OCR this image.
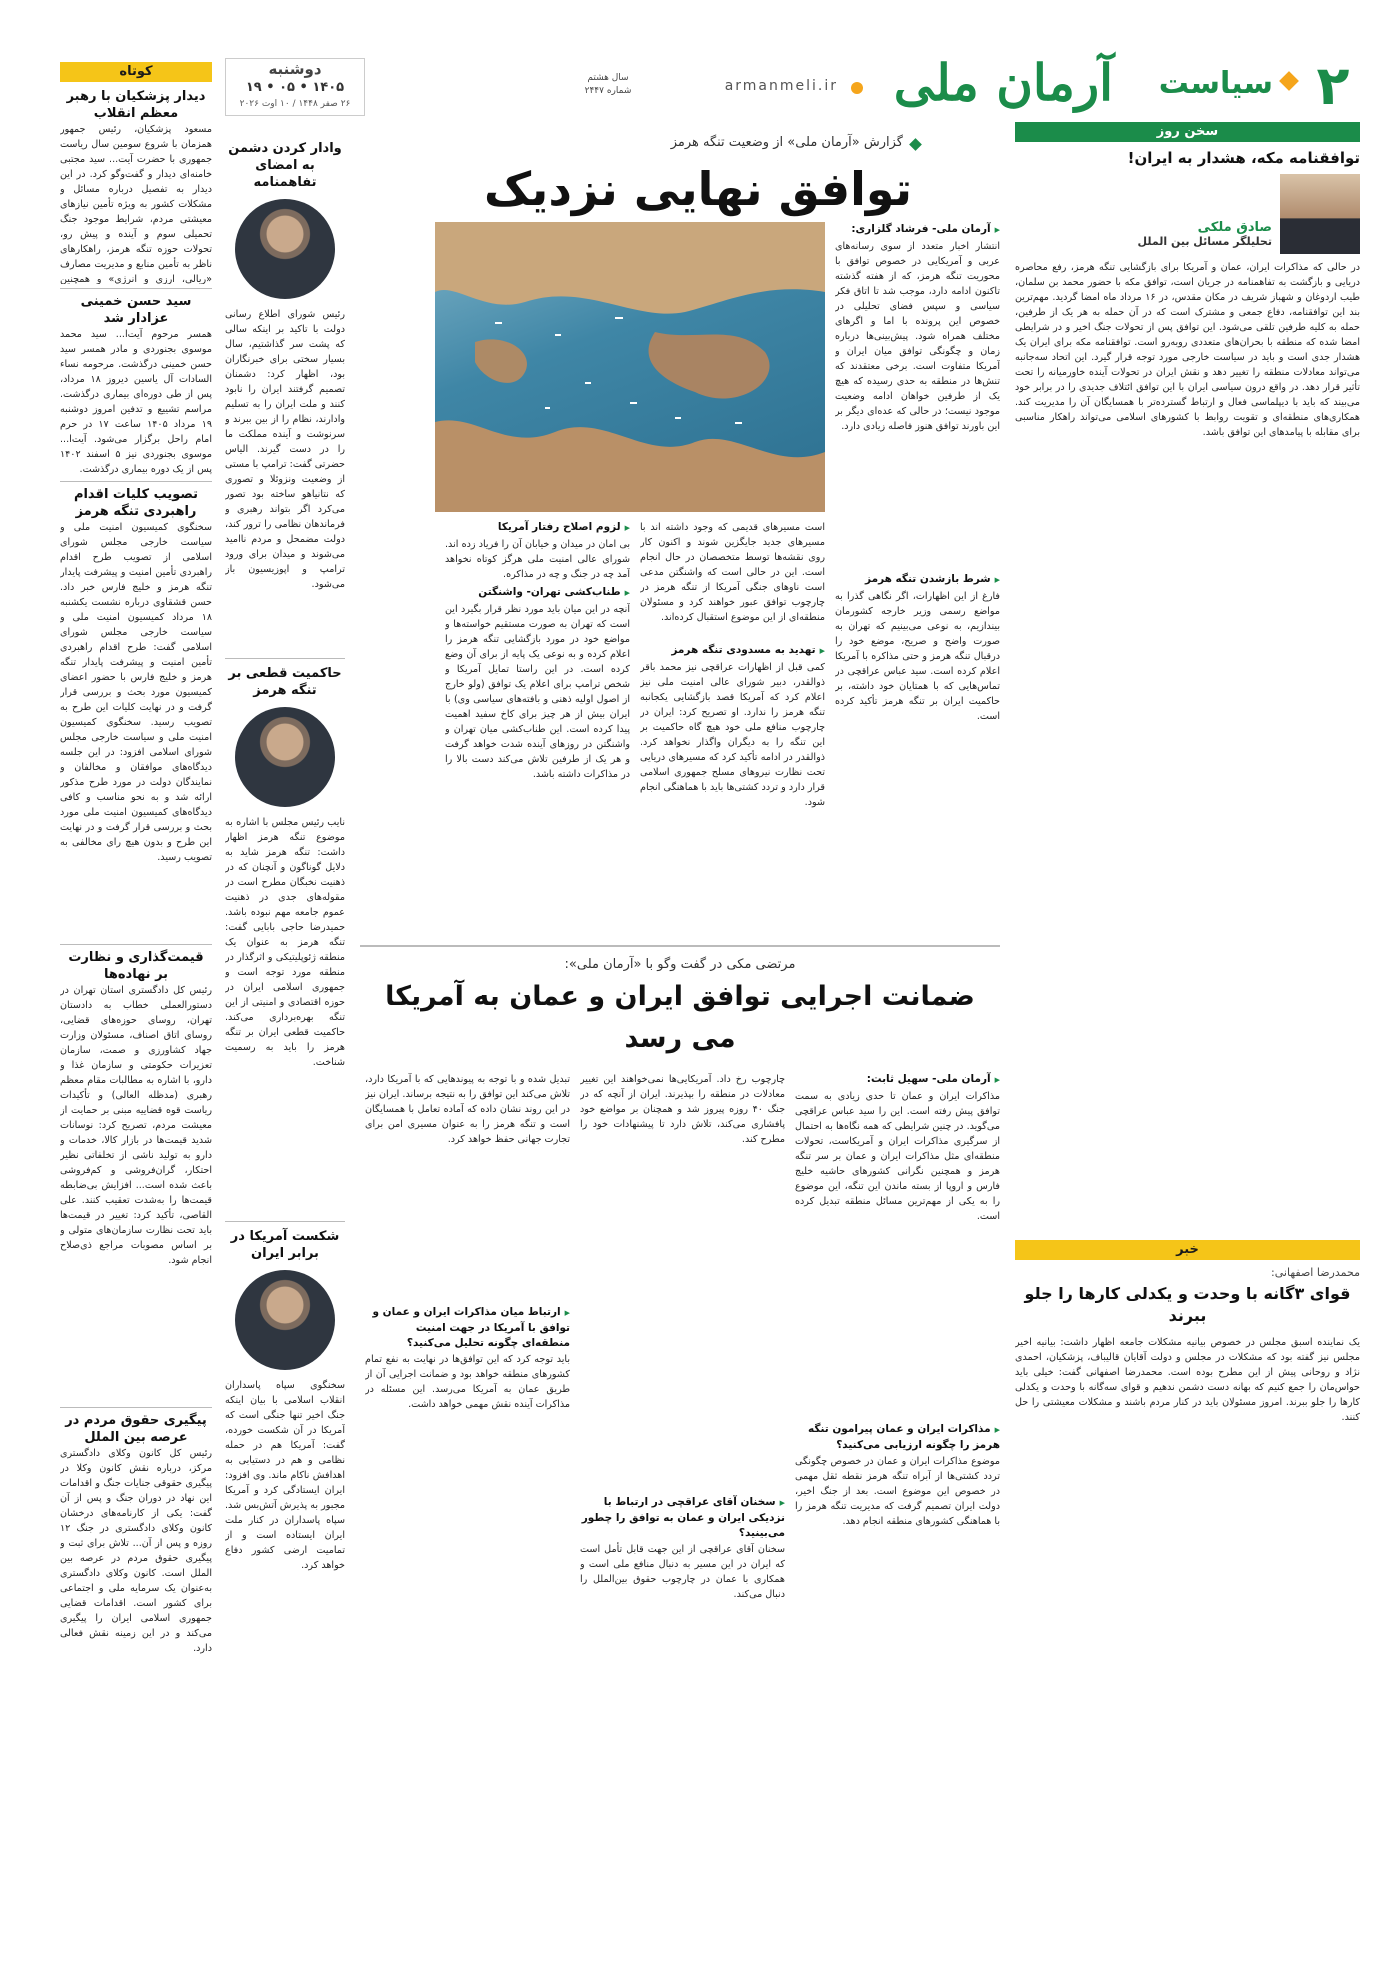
۲
سیاست
آرمان ملی
armanmeli.ir
سال هشتم شماره ۲۴۴۷
دوشنبه
۱۴۰۵ • ۰۵ • ۱۹
۲۶ صفر ۱۴۴۸ / ۱۰ اوت ۲۰۲۶
کوتاه
دیدار پزشکیان با رهبر معظم انقلاب
مسعود پزشکیان، رئیس جمهور همزمان با شروع سومین سال ریاست جمهوری با حضرت آیت... سید مجتبی خامنه‌ای دیدار و گفت‌وگو کرد. در این دیدار به تفصیل درباره مسائل و مشکلات کشور به ویژه تأمین نیازهای معیشتی مردم، شرایط موجود جنگ تحمیلی سوم و آینده و پیش رو، تحولات حوزه تنگه هرمز، راهکارهای ناظر به تأمین منابع و مدیریت مصارف «ریالی، ارزی و انرژی» و همچنین
سید حسن خمینی عزادار شد
همسر مرحوم آیت‌ا... سید محمد موسوی بجنوردی و مادر همسر سید حسن خمینی درگذشت. مرحومه نساء السادات آل یاسین دیروز ۱۸ مرداد، پس از طی دوره‌ای بیماری درگذشت. مراسم تشییع و تدفین امروز دوشنبه ۱۹ مرداد ۱۴۰۵ ساعت ۱۷ در حرم امام راحل برگزار می‌شود. آیت‌ا... موسوی بجنوردی نیز ۵ اسفند ۱۴۰۲ پس از یک دوره بیماری درگذشت.
تصویب کلیات اقدام راهبردی تنگه هرمز
سخنگوی کمیسیون امنیت ملی و سیاست خارجی مجلس شورای اسلامی از تصویب طرح اقدام راهبردی تأمین امنیت و پیشرفت پایدار تنگه هرمز و خلیج فارس خبر داد. حسن قشقاوی درباره نشست یکشنبه ۱۸ مرداد کمیسیون امنیت ملی و سیاست خارجی مجلس شورای اسلامی گفت: طرح اقدام راهبردی تأمین امنیت و پیشرفت پایدار تنگه هرمز و خلیج فارس با حضور اعضای کمیسیون مورد بحث و بررسی قرار گرفت و در نهایت کلیات این طرح به تصویب رسید. سخنگوی کمیسیون امنیت ملی و سیاست خارجی مجلس شورای اسلامی افزود: در این جلسه دیدگاه‌های موافقان و مخالفان و نمایندگان دولت در مورد طرح مذکور ارائه شد و به نحو مناسب و کافی دیدگاه‌های کمیسیون امنیت ملی مورد بحث و بررسی قرار گرفت و در نهایت این طرح و بدون هیچ رای مخالفی به تصویب رسید.
قیمت‌گذاری و نظارت بر نهاده‌ها
رئیس کل دادگستری استان تهران در دستورالعملی خطاب به دادستان تهران، روسای حوزه‌های قضایی، روسای اتاق اصناف، مسئولان وزارت جهاد کشاورزی و صمت، سازمان تعزیرات حکومتی و سازمان غذا و دارو، با اشاره به مطالبات مقام معظم رهبری (مدظله العالی) و تأکیدات ریاست قوه قضاییه مبنی بر حمایت از معیشت مردم، تصریح کرد: نوسانات شدید قیمت‌ها در بازار کالا، خدمات و دارو به تولید ناشی از تخلفاتی نظیر احتکار، گران‌فروشی و کم‌فروشی باعث شده است... افزایش بی‌ضابطه قیمت‌ها را به‌شدت تعقیب کنند. علی القاصی، تأکید کرد: تغییر در قیمت‌ها باید تحت نظارت سازمان‌های متولی و بر اساس مصوبات مراجع ذی‌صلاح انجام شود.
پیگیری حقوق مردم در عرصه بین الملل
رئیس کل کانون وکلای دادگستری مرکز، درباره نقش کانون وکلا در پیگیری حقوقی جنایات جنگ و اقدامات این نهاد در دوران جنگ و پس از آن گفت: یکی از کارنامه‌های درخشان کانون وکلای دادگستری در جنگ ۱۲ روزه و پس از آن... تلاش برای ثبت و پیگیری حقوق مردم در عرصه بین الملل است. کانون وکلای دادگستری به‌عنوان یک سرمایه ملی و اجتماعی برای کشور است. اقدامات قضایی جمهوری اسلامی ایران را پیگیری می‌کند و در این زمینه نقش فعالی دارد.
وادار کردن دشمن به امضای تفاهمنامه
رئیس شورای اطلاع رسانی دولت با تاکید بر اینکه سالی که پشت سر گذاشتیم، سال بسیار سختی برای خبرنگاران بود، اظهار کرد: دشمنان تصمیم گرفتند ایران را نابود کنند و ملت ایران را به تسلیم وادارند، نظام را از بین ببرند و سرنوشت و آینده مملکت ما را در دست گیرند. الیاس حضرتی گفت: ترامپ با مستی از وضعیت ونزوئلا و تصوری که نتانیاهو ساخته بود تصور می‌کرد اگر بتواند رهبری و فرماندهان نظامی را ترور کند، دولت مضمحل و مردم ناامید می‌شوند و میدان برای ورود ترامپ و اپوزیسیون باز می‌شود.
حاکمیت قطعی بر تنگه هرمز
نایب رئیس مجلس با اشاره به موضوع تنگه هرمز اظهار داشت: تنگه هرمز شاید به دلایل گوناگون و آنچنان که در ذهنیت نخبگان مطرح است در مقوله‌های جدی در ذهنیت عموم جامعه مهم نبوده باشد. حمیدرضا حاجی بابایی گفت: تنگه هرمز به عنوان یک منطقه ژئوپلیتیکی و اثرگذار در منطقه مورد توجه است و جمهوری اسلامی ایران در حوزه اقتصادی و امنیتی از این تنگه بهره‌برداری می‌کند. حاکمیت قطعی ایران بر تنگه هرمز را باید به رسمیت شناخت.
شکست آمریکا در برابر ایران
سخنگوی سپاه پاسداران انقلاب اسلامی با بیان اینکه جنگ اخیر تنها جنگی است که آمریکا در آن شکست خورده، گفت: آمریکا هم در حمله نظامی و هم در دستیابی به اهدافش ناکام ماند. وی افزود: ایران ایستادگی کرد و آمریکا مجبور به پذیرش آتش‌بس شد. سپاه پاسداران در کنار ملت ایران ایستاده است و از تمامیت ارضی کشور دفاع خواهد کرد.
گزارش «آرمان ملی» از وضعیت تنگه هرمز
توافق نهایی نزدیک
▶ آرمان ملی- فرشاد گلزاری:
انتشار اخبار متعدد از سوی رسانه‌های عربی و آمریکایی در خصوص توافق با محوریت تنگه هرمز، که از هفته گذشته تاکنون ادامه دارد، موجب شد تا اتاق فکر سیاسی و سپس فضای تحلیلی در خصوص این پرونده با اما و اگرهای مختلف همراه شود. پیش‌بینی‌ها درباره زمان و چگونگی توافق میان ایران و آمریکا متفاوت است. برخی معتقدند که تنش‌ها در منطقه به حدی رسیده که هیچ یک از طرفین خواهان ادامه وضعیت موجود نیست؛ در حالی که عده‌ای دیگر بر این باورند توافق هنوز فاصله زیادی دارد.
▶ شرط بازشدن تنگه هرمز
فارغ از این اظهارات، اگر نگاهی گذرا به مواضع رسمی وزیر خارجه کشورمان بیندازیم، به نوعی می‌بینیم که تهران به صورت واضح و صریح، موضع خود را درقبال تنگه هرمز و حتی مذاکره با آمریکا اعلام کرده است. سید عباس عراقچی در تماس‌هایی که با همتایان خود داشته، بر حاکمیت ایران بر تنگه هرمز تأکید کرده است.
است مسیرهای قدیمی که وجود داشته اند با مسیرهای جدید جایگزین شوند و اکنون کار روی نقشه‌ها توسط متخصصان در حال انجام است. این در حالی است که واشنگتن مدعی است ناوهای جنگی آمریکا از تنگه هرمز در چارچوب توافق عبور خواهند کرد و مسئولان منطقه‌ای از این موضوع استقبال کرده‌اند.
▶ تهدید به مسدودی تنگه هرمز
کمی قبل از اظهارات عراقچی نیز محمد باقر ذوالقدر، دبیر شورای عالی امنیت ملی نیز اعلام کرد که آمریکا قصد بازگشایی یکجانبه تنگه هرمز را ندارد. او تصریح کرد: ایران در چارچوب منافع ملی خود هیچ گاه حاکمیت بر این تنگه را به دیگران واگذار نخواهد کرد. ذوالقدر در ادامه تأکید کرد که مسیرهای دریایی تحت نظارت نیروهای مسلح جمهوری اسلامی قرار دارد و تردد کشتی‌ها باید با هماهنگی انجام شود.
▶ لزوم اصلاح رفتار آمریکا
بی امان در میدان و خیابان آن را فریاد زده اند. شورای عالی امنیت ملی هرگز کوتاه نخواهد آمد چه در جنگ و چه در مذاکره.
▶ طناب‌کشی تهران- واشنگتن
آنچه در این میان باید مورد نظر قرار بگیرد این است که تهران به صورت مستقیم خواسته‌ها و مواضع خود در مورد بازگشایی تنگه هرمز را اعلام کرده و به نوعی یک پایه از برای آن وضع کرده است. در این راستا تمایل آمریکا و شخص ترامپ برای اعلام یک توافق (ولو خارج از اصول اولیه ذهنی و بافته‌های سیاسی وی) با ایران بیش از هر چیز برای کاخ سفید اهمیت پیدا کرده است. این طناب‌کشی میان تهران و واشنگتن در روزهای آینده شدت خواهد گرفت و هر یک از طرفین تلاش می‌کند دست بالا را در مذاکرات داشته باشد.
مرتضی مکی در گفت وگو با «آرمان ملی»:
ضمانت اجرایی توافق ایران و عمان به آمریکا می رسد
▶ آرمان ملی- سهیل ثابت:
مذاکرات ایران و عمان تا حدی زیادی به سمت توافق پیش رفته است. این را سید عباس عراقچی می‌گوید. در چنین شرایطی که همه نگاه‌ها به احتمال از سرگیری مذاکرات ایران و آمریکاست، تحولات منطقه‌ای مثل مذاکرات ایران و عمان بر سر تنگه هرمز و همچنین نگرانی کشورهای حاشیه خلیج فارس و اروپا از بسته ماندن این تنگه، این موضوع را به یکی از مهم‌ترین مسائل منطقه تبدیل کرده است.
▶ مذاکرات ایران و عمان پیرامون تنگه هرمز را چگونه ارزیابی می‌کنید؟
موضوع مذاکرات ایران و عمان در خصوص چگونگی تردد کشتی‌ها از آبراه تنگه هرمز نقطه ثقل مهمی در خصوص این موضوع است. بعد از جنگ اخیر، دولت ایران تصمیم گرفت که مدیریت تنگه هرمز را با هماهنگی کشورهای منطقه انجام دهد.
چارچوب رخ داد. آمریکایی‌ها نمی‌خواهند این تغییر معادلات در منطقه را بپذیرند. ایران از آنچه که در جنگ ۴۰ روزه پیروز شد و همچنان بر مواضع خود پافشاری می‌کند، تلاش دارد تا پیشنهادات خود را مطرح کند.
▶ سخنان آقای عراقچی در ارتباط با نزدیکی ایران و عمان به توافق را چطور می‌بینید؟
سخنان آقای عراقچی از این جهت قابل تأمل است که ایران در این مسیر به دنبال منافع ملی است و همکاری با عمان در چارچوب حقوق بین‌الملل را دنبال می‌کند.
تبدیل شده و با توجه به پیوندهایی که با آمریکا دارد، تلاش می‌کند این توافق را به نتیجه برساند. ایران نیز در این روند نشان داده که آماده تعامل با همسایگان است و تنگه هرمز را به عنوان مسیری امن برای تجارت جهانی حفظ خواهد کرد.
▶ ارتباط میان مذاکرات ایران و عمان و توافق با آمریکا در جهت امنیت منطقه‌ای چگونه تحلیل می‌کنید؟
باید توجه کرد که این توافق‌ها در نهایت به نفع تمام کشورهای منطقه خواهد بود و ضمانت اجرایی آن از طریق عمان به آمریکا می‌رسد. این مسئله در مذاکرات آینده نقش مهمی خواهد داشت.
سخن روز
توافقنامه مکه، هشدار به ایران!
صادق ملکی
تحلیلگر مسائل بین الملل
در حالی که مذاکرات ایران، عمان و آمریکا برای بازگشایی تنگه هرمز، رفع محاصره دریایی و بازگشت به تفاهمنامه در جریان است، توافق مکه با حضور محمد بن سلمان، طیب اردوغان و شهباز شریف در مکان مقدس، در ۱۶ مرداد ماه امضا گردید. مهم‌ترین بند این توافقنامه، دفاع جمعی و مشترک است که در آن حمله به هر یک از طرفین، حمله به کلیه طرفین تلقی می‌شود. این توافق پس از تحولات جنگ اخیر و در شرایطی امضا شده که منطقه با بحران‌های متعددی روبه‌رو است. توافقنامه مکه برای ایران یک هشدار جدی است و باید در سیاست خارجی مورد توجه قرار گیرد. این اتحاد سه‌جانبه می‌تواند معادلات منطقه را تغییر دهد و نقش ایران در تحولات آینده خاورمیانه را تحت تأثیر قرار دهد. در واقع درون سیاسی ایران با این توافق ائتلاف جدیدی را در برابر خود می‌بیند که باید با دیپلماسی فعال و ارتباط گسترده‌تر با همسایگان آن را مدیریت کند. همکاری‌های منطقه‌ای و تقویت روابط با کشورهای اسلامی می‌تواند راهکار مناسبی برای مقابله با پیامدهای این توافق باشد.
خبر
محمدرضا اصفهانی:
قوای ۳گانه با وحدت و یکدلی کارها را جلو ببرند
یک نماینده اسبق مجلس در خصوص بیانیه مشکلات جامعه اظهار داشت: بیانیه اخیر مجلس نیز گفته بود که مشکلات در مجلس و دولت آقایان قالیباف، پزشکیان، احمدی نژاد و روحانی پیش از این مطرح بوده است. محمدرضا اصفهانی گفت: خیلی باید حواس‌مان را جمع کنیم که بهانه دست دشمن ندهیم و قوای سه‌گانه با وحدت و یکدلی کارها را جلو ببرند. امروز مسئولان باید در کنار مردم باشند و مشکلات معیشتی را حل کنند.
